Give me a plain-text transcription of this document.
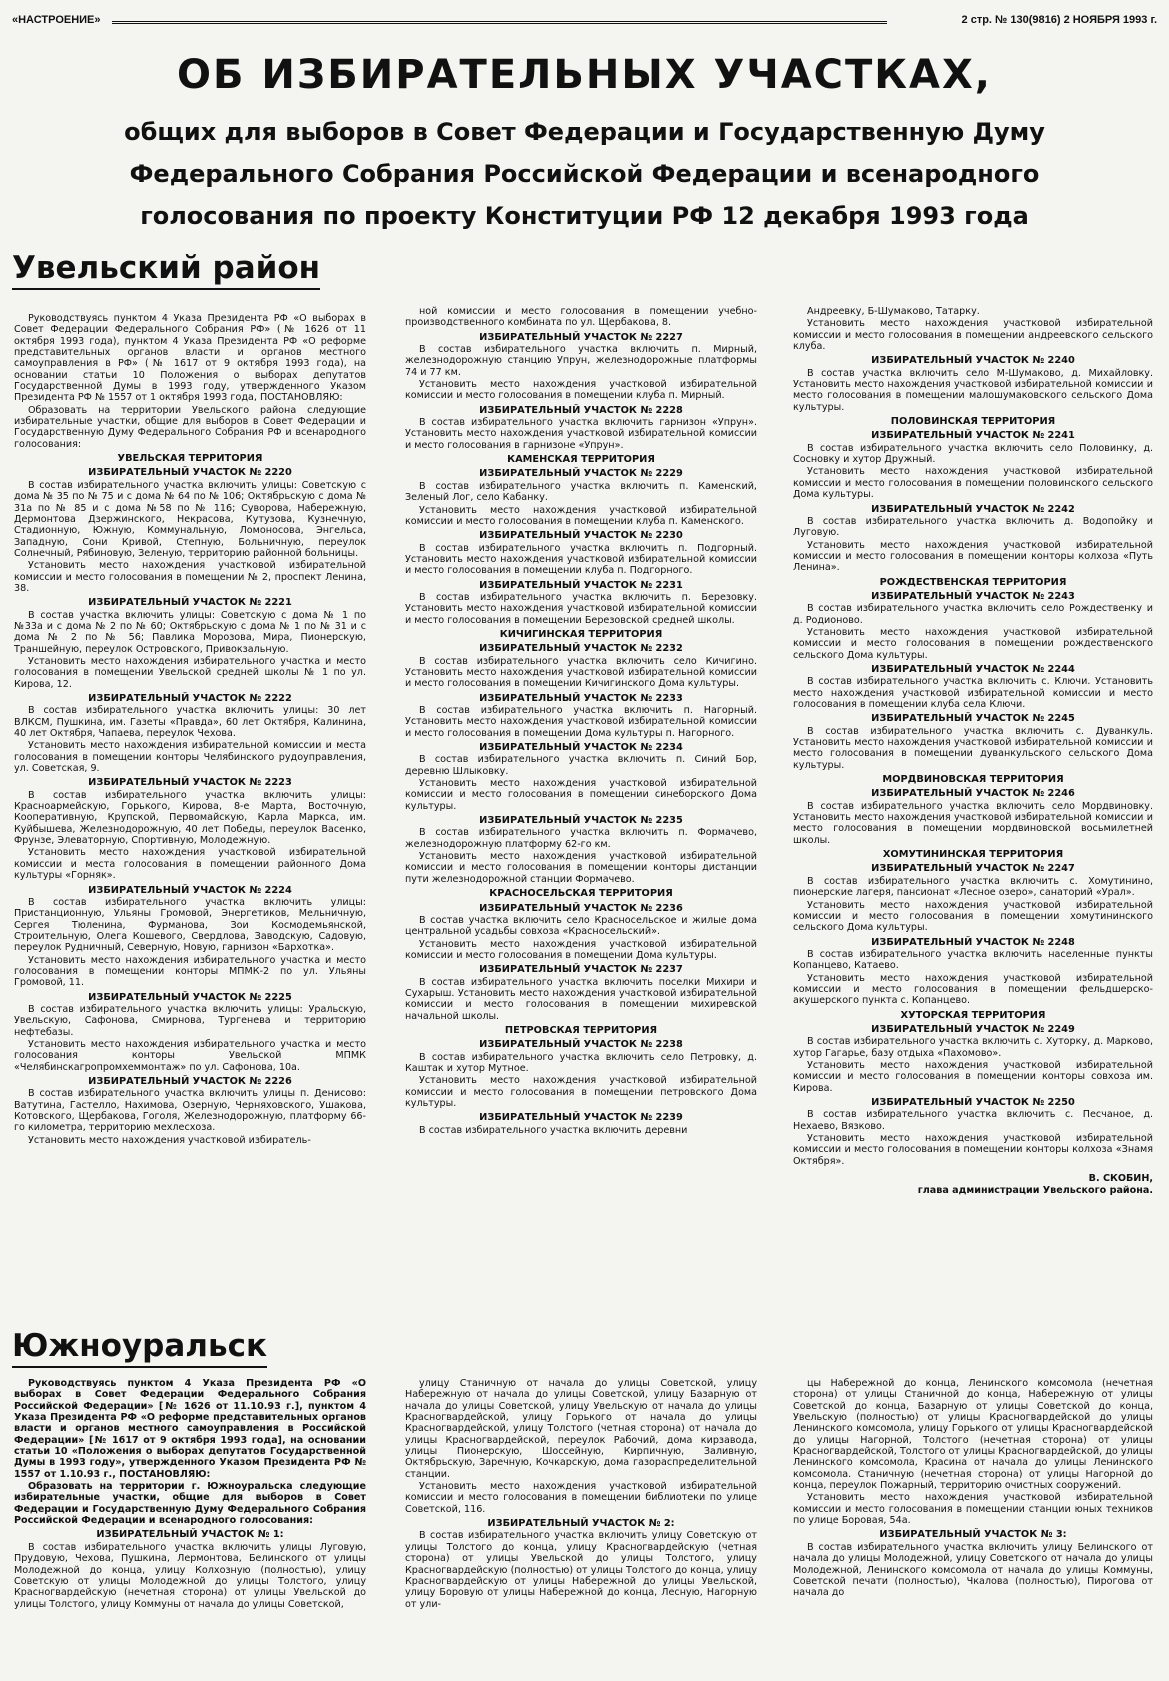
«НАСТРОЕНИЕ»	2 стр. № 130(9816) 2 НОЯБРЯ 1993 г.
ОБ ИЗБИРАТЕЛЬНЫХ УЧАСТКАХ,
общих для выборов в Совет Федерации и Государственную Думу
Федерального Собрания Российской Федерации и всенародного
голосования по проекту Конституции РФ 12 декабря 1993 года
Увельский район

Руководствуясь пунктом 4 Указа Президента РФ «О выборах в Совет Федерации Федерального Собрания РФ» (№ 1626 от 11 октября 1993 года), пунктом 4 Указа Президента РФ «О реформе представительных органов власти и органов местного самоуправления в РФ» (№ 1617 от 9 октября 1993 года), на основании статьи 10 Положения о выборах депутатов Государственной Думы в 1993 году, утвержденного Указом Президента РФ № 1557 от 1 октября 1993 года, ПОСТАНОВЛЯЮ:

Образовать на территории Увельского района следующие избирательные участки, общие для выборов в Совет Федерации и Государственную Думу Федерального Собрания РФ и всенародного голосования:

УВЕЛЬСКАЯ ТЕРРИТОРИЯ

ИЗБИРАТЕЛЬНЫЙ УЧАСТОК № 2220

В состав избирательного участка включить улицы: Советскую с дома № 35 по № 75 и с дома № 64 по № 106; Октябрьскую с дома № 31а по № 85 и с дома №58 по № 116; Суворова, Набережную, Дермонтова Дзержинского, Некрасова, Кутузова, Кузнечную, Стадионную, Южную, Коммунальную, Ломоносова, Энгельса, Западную, Сони Кривой, Степную, Больничную, переулок Солнечный, Рябиновую, Зеленую, территорию районной больницы.

Установить место нахождения участковой избирательной комиссии и место голосования в помещении № 2, проспект Ленина, 38.

ИЗБИРАТЕЛЬНЫЙ УЧАСТОК № 2221

В состав участка включить улицы: Советскую с дома № 1 по №33а и с дома № 2 по № 60; Октябрьскую с дома № 1 по № 31 и с дома № 2 по № 56; Павлика Морозова, Мира, Пионерскую, Траншейную, переулок Островского, Привокзальную.

Установить место нахождения избирательного участка и место голосования в помещении Увельской средней школы № 1 по ул. Кирова, 12.

ИЗБИРАТЕЛЬНЫЙ УЧАСТОК № 2222

В состав избирательного участка включить улицы: 30 лет ВЛКСМ, Пушкина, им. Газеты «Правда», 60 лет Октября, Калинина, 40 лет Октября, Чапаева, переулок Чехова.

Установить место нахождения избирательной комиссии и места голосования в помещении конторы Челябинского рудоуправления, ул. Советская, 9.

ИЗБИРАТЕЛЬНЫЙ УЧАСТОК № 2223

В состав избирательного участка включить улицы: Красноармейскую, Горького, Кирова, 8-е Марта, Восточную, Кооперативную, Крупской, Первомайскую, Карла Маркса, им. Куйбышева, Железнодорожную, 40 лет Победы, переулок Васенко, Фрунзе, Элеваторную, Спортивную, Молодежную.

Установить место нахождения участковой избирательной комиссии и места голосования в помещении районного Дома культуры «Горняк».

ИЗБИРАТЕЛЬНЫЙ УЧАСТОК № 2224

В состав избирательного участка включить улицы: Пристанционную, Ульяны Громовой, Энергетиков, Мельничную, Сергея Тюленина, Фурманова, Зои Космодемьянской, Строительную, Олега Кошевого, Свердлова, Заводскую, Садовую, переулок Рудничный, Северную, Новую, гарнизон «Бархотка».

Установить место нахождения избирательного участка и место голосования в помещении конторы МПМК-2 по ул. Ульяны Громовой, 11.

ИЗБИРАТЕЛЬНЫЙ УЧАСТОК № 2225

В состав избирательного участка включить улицы: Уральскую, Увельскую, Сафонова, Смирнова, Тургенева и территорию нефтебазы.

Установить место нахождения избирательного участка и место голосования конторы Увельской МПМК «Челябинскагропромхеммонтаж» по ул. Сафонова, 10а.

ИЗБИРАТЕЛЬНЫЙ УЧАСТОК № 2226

В состав избирательного участка включить улицы п. Денисово: Ватутина, Гастелло, Нахимова, Озерную, Черняховского, Ушакова, Котовского, Щербакова, Гоголя, Железнодорожную, платформу 66-го километра, территорию мехлесхоза.

Установить место нахождения участковой избиратель-

ной комиссии и место голосования в помещении учебно-производственного комбината по ул. Щербакова, 8.

ИЗБИРАТЕЛЬНЫЙ УЧАСТОК № 2227

В состав избирательного участка включить п. Мирный, железнодорожную станцию Упрун, железнодорожные платформы 74 и 77 км.

Установить место нахождения участковой избирательной комиссии и место голосования в помещении клуба п. Мирный.

ИЗБИРАТЕЛЬНЫЙ УЧАСТОК № 2228

В состав избирательного участка включить гарнизон «Упрун». Установить место нахождения участковой избирательной комиссии и место голосования в гарнизоне «Упрун».

КАМЕНСКАЯ ТЕРРИТОРИЯ

ИЗБИРАТЕЛЬНЫЙ УЧАСТОК № 2229

В состав избирательного участка включить п. Каменский, Зеленый Лог, село Кабанку.

Установить место нахождения участковой избирательной комиссии и место голосования в помещении клуба п. Каменского.

ИЗБИРАТЕЛЬНЫЙ УЧАСТОК № 2230

В состав избирательного участка включить п. Подгорный. Установить место нахождения участковой избирательной комиссии и место голосования в помещении клуба п. Подгорного.

ИЗБИРАТЕЛЬНЫЙ УЧАСТОК № 2231

В состав избирательного участка включить п. Березовку. Установить место нахождения участковой избирательной комиссии и место голосования в помещении Березовской средней школы.

КИЧИГИНСКАЯ ТЕРРИТОРИЯ

ИЗБИРАТЕЛЬНЫЙ УЧАСТОК № 2232

В состав избирательного участка включить село Кичигино. Установить место нахождения участковой избирательной комиссии и место голосования в помещении Кичигинского Дома культуры.

ИЗБИРАТЕЛЬНЫЙ УЧАСТОК № 2233

В состав избирательного участка включить п. Нагорный. Установить место нахождения участковой избирательной комиссии и место голосования в помещении Дома культуры п. Нагорного.

ИЗБИРАТЕЛЬНЫЙ УЧАСТОК № 2234

В состав избирательного участка включить п. Синий Бор, деревню Шлыковку.

Установить место нахождения участковой избирательной комиссии и место голосования в помещении синеборского Дома культуры.

ИЗБИРАТЕЛЬНЫЙ УЧАСТОК № 2235

В состав избирательного участка включить п. Формачево, железнодорожную платформу 62-го км.

Установить место нахождения участковой избирательной комиссии и место голосования в помещении конторы дистанции пути железнодорожной станции Формачево.

КРАСНОСЕЛЬСКАЯ ТЕРРИТОРИЯ

ИЗБИРАТЕЛЬНЫЙ УЧАСТОК № 2236

В состав участка включить село Красносельское и жилые дома центральной усадьбы совхоза «Красносельский».

Установить место нахождения участковой избирательной комиссии и место голосования в помещении Дома культуры.

ИЗБИРАТЕЛЬНЫЙ УЧАСТОК № 2237

В состав избирательного участка включить поселки Михири и Сухарыш. Установить место нахождения участковой избирательной комиссии и место голосования в помещении михиревской начальной школы.

ПЕТРОВСКАЯ ТЕРРИТОРИЯ

ИЗБИРАТЕЛЬНЫЙ УЧАСТОК № 2238

В состав избирательного участка включить село Петровку, д. Каштак и хутор Мутное.

Установить место нахождения участковой избирательной комиссии и место голосования в помещении петровского Дома культуры.

ИЗБИРАТЕЛЬНЫЙ УЧАСТОК № 2239

В состав избирательного участка включить деревни

Андреевку, Б-Шумаково, Татарку.

Установить место нахождения участковой избирательной комиссии и место голосования в помещении андреевского сельского клуба.

ИЗБИРАТЕЛЬНЫЙ УЧАСТОК № 2240

В состав участка включить село М-Шумаково, д. Михайловку. Установить место нахождения участковой избирательной комиссии и место голосования в помещении малошумаковского сельского Дома культуры.

ПОЛОВИНСКАЯ ТЕРРИТОРИЯ

ИЗБИРАТЕЛЬНЫЙ УЧАСТОК № 2241

В состав избирательного участка включить село Половинку, д. Сосновку и хутор Дружный.

Установить место нахождения участковой избирательной комиссии и место голосования в помещении половинского сельского Дома культуры.

ИЗБИРАТЕЛЬНЫЙ УЧАСТОК № 2242

В состав избирательного участка включить д. Водопойку и Луговую.

Установить место нахождения участковой избирательной комиссии и место голосования в помещении конторы колхоза «Путь Ленина».

РОЖДЕСТВЕНСКАЯ ТЕРРИТОРИЯ

ИЗБИРАТЕЛЬНЫЙ УЧАСТОК № 2243

В состав избирательного участка включить село Рождественку и д. Родионово.

Установить место нахождения участковой избирательной комиссии и место голосования в помещении рождественского сельского Дома культуры.

ИЗБИРАТЕЛЬНЫЙ УЧАСТОК № 2244

В состав избирательного участка включить с. Ключи. Установить место нахождения участковой избирательной комиссии и место голосования в помещении клуба села Ключи.

ИЗБИРАТЕЛЬНЫЙ УЧАСТОК № 2245

В состав избирательного участка включить с. Дуванкуль. Установить место нахождения участковой избирательной комиссии и место голосования в помещении дуванкульского сельского Дома культуры.

МОРДВИНОВСКАЯ ТЕРРИТОРИЯ

ИЗБИРАТЕЛЬНЫЙ УЧАСТОК № 2246

В состав избирательного участка включить село Мордвиновку. Установить место нахождения участковой избирательной комиссии и место голосования в помещении мордвиновской восьмилетней школы.

ХОМУТИНИНСКАЯ ТЕРРИТОРИЯ

ИЗБИРАТЕЛЬНЫЙ УЧАСТОК № 2247

В состав избирательного участка включить с. Хомутинино, пионерские лагеря, пансионат «Лесное озеро», санаторий «Урал».

Установить место нахождения участковой избирательной комиссии и место голосования в помещении хомутининского сельского Дома культуры.

ИЗБИРАТЕЛЬНЫЙ УЧАСТОК № 2248

В состав избирательного участка включить населенные пункты Копанцево, Катаево.

Установить место нахождения участковой избирательной комиссии и место голосования в помещении фельдшерско-акушерского пункта с. Копанцево.

ХУТОРСКАЯ ТЕРРИТОРИЯ

ИЗБИРАТЕЛЬНЫЙ УЧАСТОК № 2249

В состав избирательного участка включить с. Хуторку, д. Марково, хутор Гагарье, базу отдыха «Пахомово».

Установить место нахождения участковой избирательной комиссии и место голосования в помещении конторы совхоза им. Кирова.

ИЗБИРАТЕЛЬНЫЙ УЧАСТОК № 2250

В состав избирательного участка включить с. Песчаное, д. Нехаево, Вязково.

Установить место нахождения участковой избирательной комиссии и место голосования в помещении конторы колхоза «Знамя Октября».

В. СКОБИН,

глава администрации Увельского района.

Южноуральск

Руководствуясь пунктом 4 Указа Президента РФ «О выборах в Совет Федерации Федерального Собрания Российской Федерации» [№ 1626 от 11.10.93 г.], пунктом 4 Указа Президента РФ «О реформе представительных органов власти и органов местного самоуправления в Российской Федерации» [№ 1617 от 9 октября 1993 года], на основании статьи 10 «Положения о выборах депутатов Государственной Думы в 1993 году», утвержденного Указом Президента РФ № 1557 от 1.10.93 г., ПОСТАНОВЛЯЮ:

Образовать на территории г. Южноуральска следующие избирательные участки, общие для выборов в Совет Федерации и Государственную Думу Федерального Собрания Российской Федерации и всенародного голосования:

ИЗБИРАТЕЛЬНЫЙ УЧАСТОК № 1:

В состав избирательного участка включить улицы Луговую, Прудовую, Чехова, Пушкина, Лермонтова, Белинского от улицы Молодежной до конца, улицу Колхозную (полностью), улицу Советскую от улицы Молодежной до улицы Толстого, улицу Красногвардейскую (нечетная сторона) от улицы Увельской до улицы Толстого, улицу Коммуны от начала до улицы Советской,

улицу Станичную от начала до улицы Советской, улицу Набережную от начала до улицы Советской, улицу Базарную от начала до улицы Советской, улицу Увельскую от начала до улицы Красногвардейской, улицу Горького от начала до улицы Красногвардейской, улицу Толстого (четная сторона) от начала до улицы Красногвардейской, переулок Рабочий, дома кирзавода, улицы Пионерскую, Шоссейную, Кирпичную, Заливную, Октябрьскую, Заречную, Кочкарскую, дома газораспределительной станции.

Установить место нахождения участковой избирательной комиссии и место голосования в помещении библиотеки по улице Советской, 116.

ИЗБИРАТЕЛЬНЫЙ УЧАСТОК № 2:

В состав избирательного участка включить улицу Советскую от улицы Толстого до конца, улицу Красногвардейскую (четная сторона) от улицы Увельской до улицы Толстого, улицу Красногвардейскую (полностью) от улицы Толстого до конца, улицу Красногвардейскую от улицы Набережной до улицы Увельской, улицу Боровую от улицы Набережной до конца, Лесную, Нагорную от ули-

цы Набережной до конца, Ленинского комсомола (нечетная сторона) от улицы Станичной до конца, Набережную от улицы Советской до конца, Базарную от улицы Советской до конца, Увельскую (полностью) от улицы Красногвардейской до улицы Ленинского комсомола, улицу Горького от улицы Красногвардейской до улицы Нагорной, Толстого (нечетная сторона) от улицы Красногвардейской, Толстого от улицы Красногвардейской, до улицы Ленинского комсомола, Красина от начала до улицы Ленинского комсомола. Станичную (нечетная сторона) от улицы Нагорной до конца, переулок Пожарный, территорию очистных сооружений.

Установить место нахождения участковой избирательной комиссии и место голосования в помещении станции юных техников по улице Боровая, 54а.

ИЗБИРАТЕЛЬНЫЙ УЧАСТОК № 3:

В состав избирательного участка включить улицу Белинского от начала до улицы Молодежной, улицу Советского от начала до улицы Молодежной, Ленинского комсомола от начала до улицы Коммуны, Советской печати (полностью), Чкалова (полностью), Пирогова от начала до
